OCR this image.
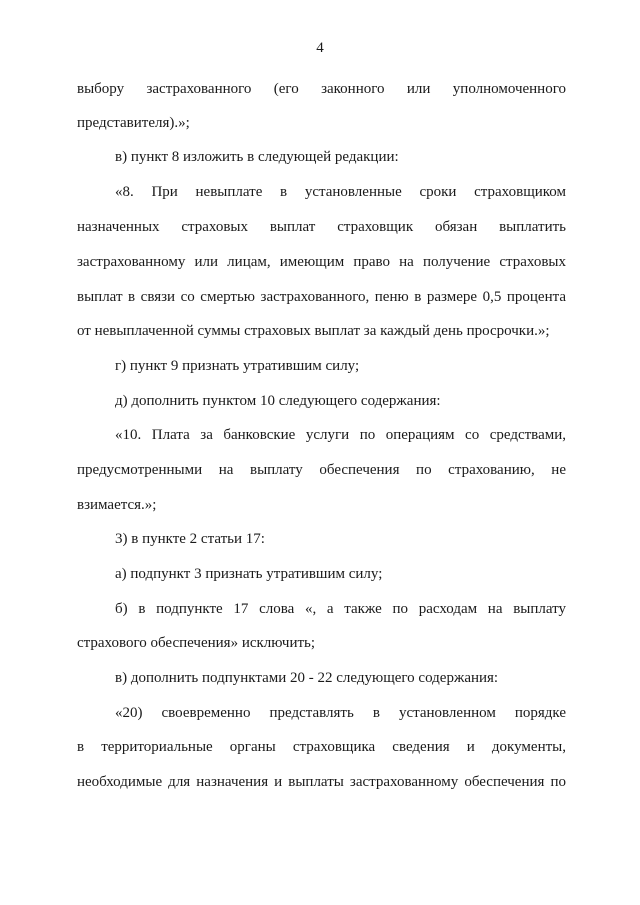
4
выбору застрахованного (его законного или уполномоченного
представителя).»;
в) пункт 8 изложить в следующей редакции:
«8. При невыплате в установленные сроки страховщиком
назначенных страховых выплат страховщик обязан выплатить
застрахованному или лицам, имеющим право на получение страховых
выплат в связи со смертью застрахованного, пеню в размере 0,5 процента
от невыплаченной суммы страховых выплат за каждый день просрочки.»;
г) пункт 9 признать утратившим силу;
д) дополнить пунктом 10 следующего содержания:
«10. Плата за банковские услуги по операциям со средствами,
предусмотренными на выплату обеспечения по страхованию, не
взимается.»;
3) в пункте 2 статьи 17:
а) подпункт 3 признать утратившим силу;
б) в подпункте 17 слова «, а также по расходам на выплату
страхового обеспечения» исключить;
в) дополнить подпунктами 20 - 22 следующего содержания:
«20) своевременно представлять в установленном порядке
в территориальные органы страховщика сведения и документы,
необходимые для назначения и выплаты застрахованному обеспечения по
